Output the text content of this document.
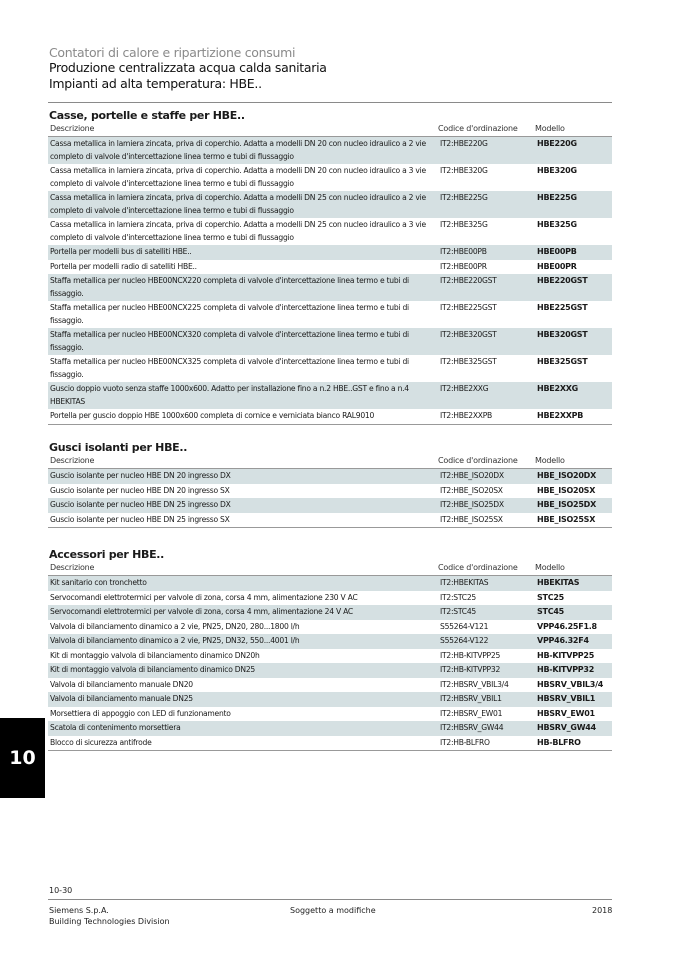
Contatori di calore e ripartizione consumi
Produzione centralizzata acqua calda sanitaria
Impianti ad alta temperatura: HBE..
Casse, portelle e staffe per HBE..
Descrizione	Codice d'ordinazione	Modello
Cassa metallica in lamiera zincata, priva di coperchio. Adatta a modelli DN 20 con nucleo idraulico a 2 vie completo di valvole d'intercettazione linea termo e tubi di flussaggio
IT2:HBE220G	HBE220G
Cassa metallica in lamiera zincata, priva di coperchio. Adatta a modelli DN 20 con nucleo idraulico a 3 vie completo di valvole d'intercettazione linea termo e tubi di flussaggio
IT2:HBE320G	HBE320G
Cassa metallica in lamiera zincata, priva di coperchio. Adatta a modelli DN 25 con nucleo idraulico a 2 vie completo di valvole d'intercettazione linea termo e tubi di flussaggio
IT2:HBE225G	HBE225G
Cassa metallica in lamiera zincata, priva di coperchio. Adatta a modelli DN 25 con nucleo idraulico a 3 vie completo di valvole d'intercettazione linea termo e tubi di flussaggio
IT2:HBE325G	HBE325G
Portella per modelli bus di satelliti HBE..	IT2:HBE00PB	HBE00PB
Portella per modelli radio di satelliti HBE..	IT2:HBE00PR	HBE00PR
Staffa metallica per nucleo HBE00NCX220 completa di valvole d'intercettazione linea termo e tubi di fissaggio.
IT2:HBE220GST	HBE220GST
Staffa metallica per nucleo HBE00NCX225 completa di valvole d'intercettazione linea termo e tubi di fissaggio.
IT2:HBE225GST	HBE225GST
Staffa metallica per nucleo HBE00NCX320 completa di valvole d'intercettazione linea termo e tubi di fissaggio.
IT2:HBE320GST	HBE320GST
Staffa metallica per nucleo HBE00NCX325 completa di valvole d'intercettazione linea termo e tubi di fissaggio.
IT2:HBE325GST	HBE325GST
Guscio doppio vuoto senza staffe 1000x600. Adatto per installazione fino a n.2 HBE..GST e fino a n.4 HBEKITAS
IT2:HBE2XXG	HBE2XXG
Portella per guscio doppio HBE 1000x600 completa di cornice e verniciata bianco RAL9010	IT2:HBE2XXPB	HBE2XXPB
Gusci isolanti per HBE..
Descrizione	Codice d'ordinazione	Modello
Guscio isolante per nucleo HBE DN 20 ingresso DX	IT2:HBE_ISO20DX	HBE_ISO20DX
Guscio isolante per nucleo HBE DN 20 ingresso SX	IT2:HBE_ISO20SX	HBE_ISO20SX
Guscio isolante per nucleo HBE DN 25 ingresso DX	IT2:HBE_ISO25DX	HBE_ISO25DX
Guscio isolante per nucleo HBE DN 25 ingresso SX	IT2:HBE_ISO25SX	HBE_ISO25SX
Accessori per HBE..
Descrizione	Codice d'ordinazione	Modello
Kit sanitario con tronchetto	IT2:HBEKITAS	HBEKITAS
Servocomandi elettrotermici per valvole di zona, corsa 4 mm, alimentazione 230 V AC	IT2:STC25	STC25
Servocomandi elettrotermici per valvole di zona, corsa 4 mm, alimentazione 24 V AC	IT2:STC45	STC45
Valvola di bilanciamento dinamico a 2 vie, PN25, DN20, 280...1800 l/h	S55264-V121	VPP46.25F1.8
Valvola di bilanciamento dinamico a 2 vie, PN25, DN32, 550...4001 l/h	S55264-V122	VPP46.32F4
Kit di montaggio valvola di bilanciamento dinamico DN20h	IT2:HB-KITVPP25	HB-KITVPP25
Kit di montaggio valvola di bilanciamento dinamico DN25	IT2:HB-KITVPP32	HB-KITVPP32
Valvola di bilanciamento manuale DN20	IT2:HBSRV_VBIL3/4	HBSRV_VBIL3/4
Valvola di bilanciamento manuale DN25	IT2:HBSRV_VBIL1	HBSRV_VBIL1
Morsettiera di appoggio con LED di funzionamento	IT2:HBSRV_EW01	HBSRV_EW01
Scatola di contenimento morsettiera	IT2:HBSRV_GW44	HBSRV_GW44
Blocco di sicurezza antifrode	IT2:HB-BLFRO	HB-BLFRO
10
10-30
Siemens S.p.A.
Building Technologies Division
Soggetto a modifiche	2018
